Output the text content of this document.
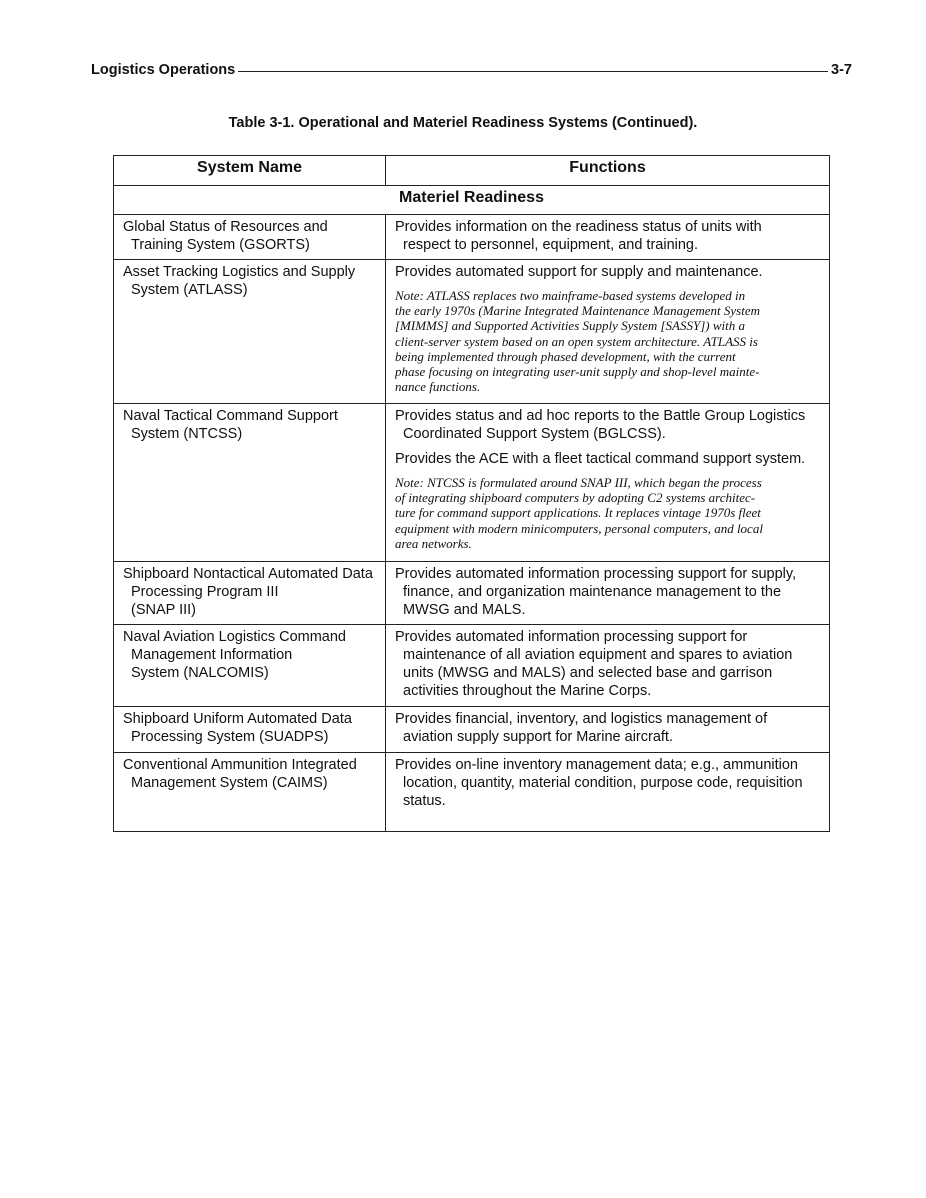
Logistics Operations	3-7
Table 3-1. Operational and Materiel Readiness Systems (Continued).
System Name	Functions
Materiel Readiness
Global Status of Resources and
Training System (GSORTS)
Provides information on the readiness status of units with
respect to personnel, equipment, and training.
Asset Tracking Logistics and Supply
System (ATLASS)
Provides automated support for supply and maintenance.
Note: ATLASS replaces two mainframe-based systems developed in
the early 1970s (Marine Integrated Maintenance Management System
[MIMMS] and Supported Activities Supply System [SASSY]) with a
client-server system based on an open system architecture. ATLASS is
being implemented through phased development, with the current
phase focusing on integrating user-unit supply and shop-level mainte-
nance functions.
Naval Tactical Command Support
System (NTCSS)
Provides status and ad hoc reports to the Battle Group Logistics
Coordinated Support System (BGLCSS).
Provides the ACE with a fleet tactical command support system.
Note: NTCSS is formulated around SNAP III, which began the process
of integrating shipboard computers by adopting C2 systems architec-
ture for command support applications. It replaces vintage 1970s fleet
equipment with modern minicomputers, personal computers, and local
area networks.
Shipboard Nontactical Automated Data
Processing Program III
(SNAP III)
Provides automated information processing support for supply,
finance, and organization maintenance management to the
MWSG and MALS.
Naval Aviation Logistics Command
Management Information
System (NALCOMIS)
Provides automated information processing support for
maintenance of all aviation equipment and spares to aviation
units (MWSG and MALS) and selected base and garrison
activities throughout the Marine Corps.
Shipboard Uniform Automated Data
Processing System (SUADPS)
Provides financial, inventory, and logistics management of
aviation supply support for Marine aircraft.
Conventional Ammunition Integrated
Management System (CAIMS)
Provides on-line inventory management data; e.g., ammunition
location, quantity, material condition, purpose code, requisition
status.
